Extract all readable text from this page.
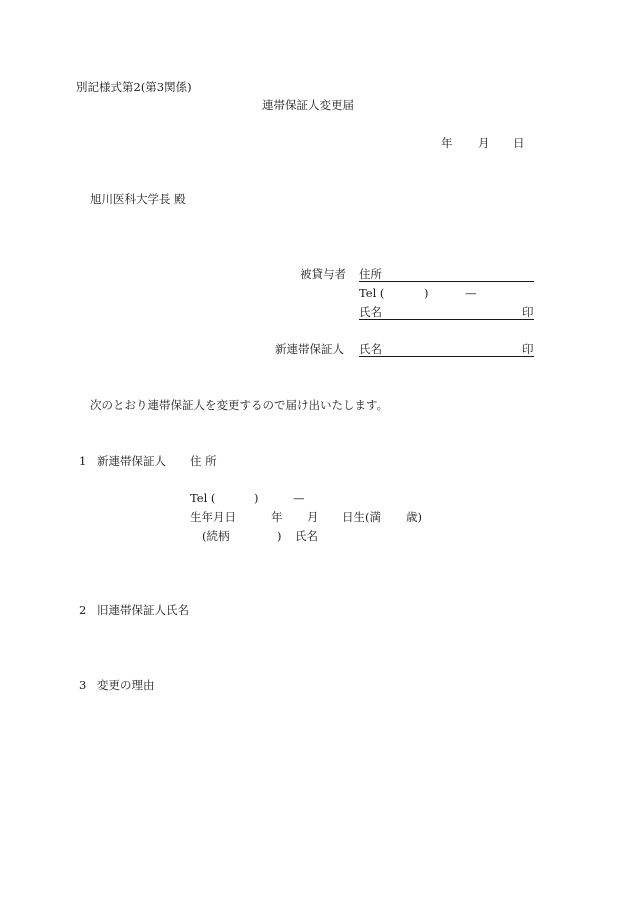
別記様式第2(第3関係)
連帯保証人変更届
年 月 日
旭川医科大学長 殿
被貸与者 住所
Tel (	)	—
氏名	印
新連帯保証人 氏名	印
次のとおり連帯保証人を変更するので届け出いたします。
1 新連帯保証人 住 所
Tel (	)	—
生年月日	年 月 日生(満 歳)
(続柄	) 氏名
2 旧連帯保証人氏名
3 変更の理由
